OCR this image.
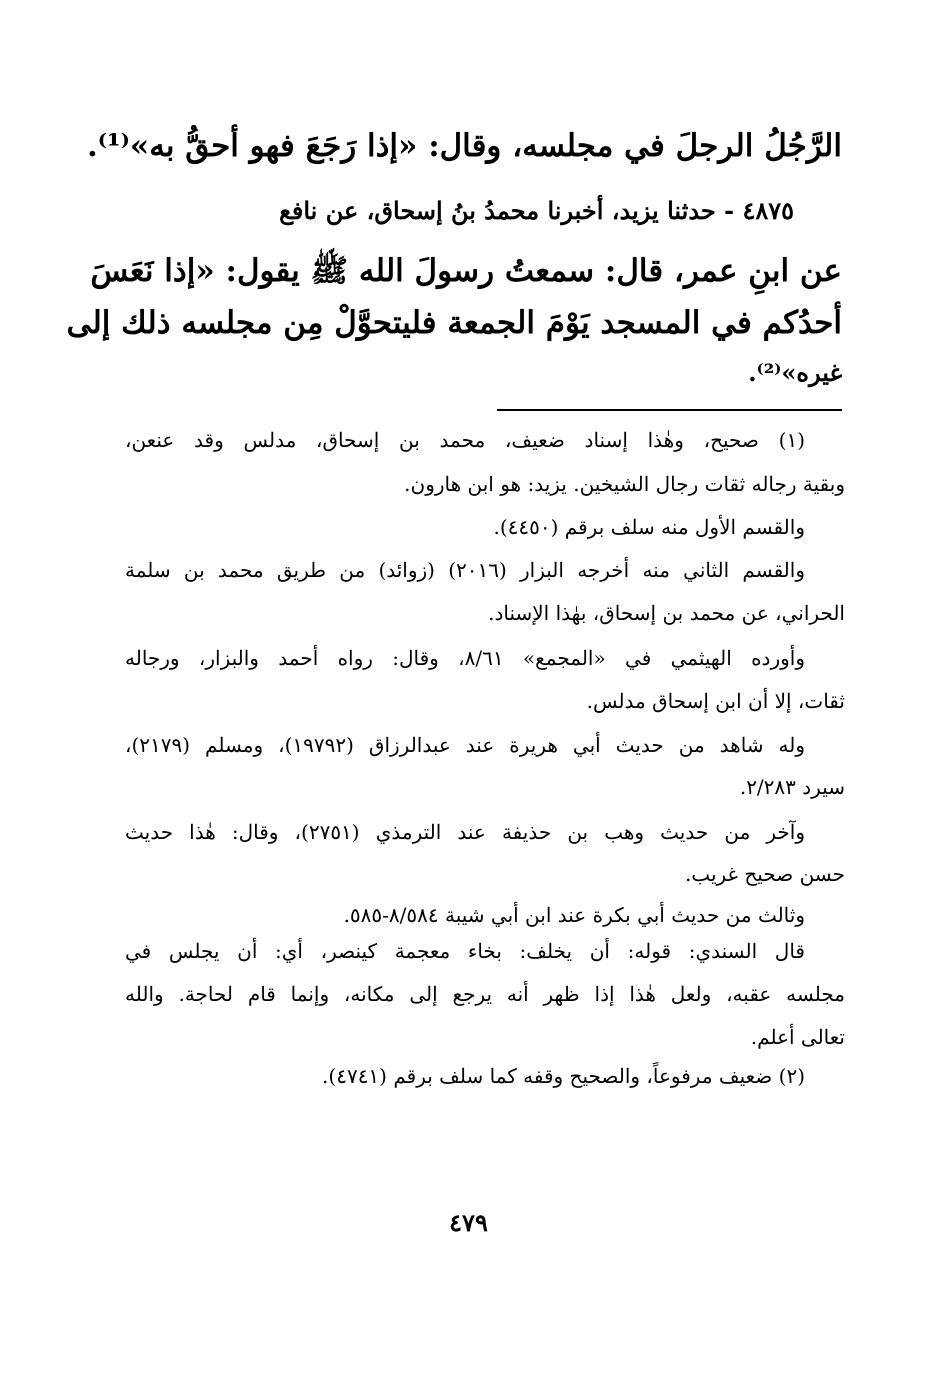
الرَّجُلُ الرجلَ في مجلسه، وقال: «إذا رَجَعَ فهو أحقُّ به»⁽¹⁾.
٤٨٧٥ - حدثنا يزيد، أخبرنا محمدُ بنُ إسحاق، عن نافع
عن ابنِ عمر، قال: سمعتُ رسولَ الله ﷺ يقول: «إذا نَعَسَ
أحدُكم في المسجد يَوْمَ الجمعة فليتحوَّلْ مِن مجلسه ذلك إلى
غيره»⁽²⁾.
(١) صحيح، وهٰذا إسناد ضعيف، محمد بن إسحاق، مدلس وقد عنعن،
وبقية رجاله ثقات رجال الشيخين. يزيد: هو ابن هارون.
والقسم الأول منه سلف برقم (٤٤٥٠).
والقسم الثاني منه أخرجه البزار (٢٠١٦) (زوائد) من طريق محمد بن سلمة
الحراني، عن محمد بن إسحاق، بهٰذا الإسناد.
وأورده الهيثمي في «المجمع» ٨/٦١، وقال: رواه أحمد والبزار، ورجاله
ثقات، إلا أن ابن إسحاق مدلس.
وله شاهد من حديث أبي هريرة عند عبدالرزاق (١٩٧٩٢)، ومسلم (٢١٧٩)،
سيرد ٢/٢٨٣.
وآخر من حديث وهب بن حذيفة عند الترمذي (٢٧٥١)، وقال: هٰذا حديث
حسن صحيح غريب.
وثالث من حديث أبي بكرة عند ابن أبي شيبة ٨/٥٨٤-٥٨٥.
قال السندي: قوله: أن يخلف: بخاء معجمة كينصر، أي: أن يجلس في
مجلسه عقبه، ولعل هٰذا إذا ظهر أنه يرجع إلى مكانه، وإنما قام لحاجة. والله
تعالى أعلم.
(٢) ضعيف مرفوعاً، والصحيح وقفه كما سلف برقم (٤٧٤١).
٤٧٩
